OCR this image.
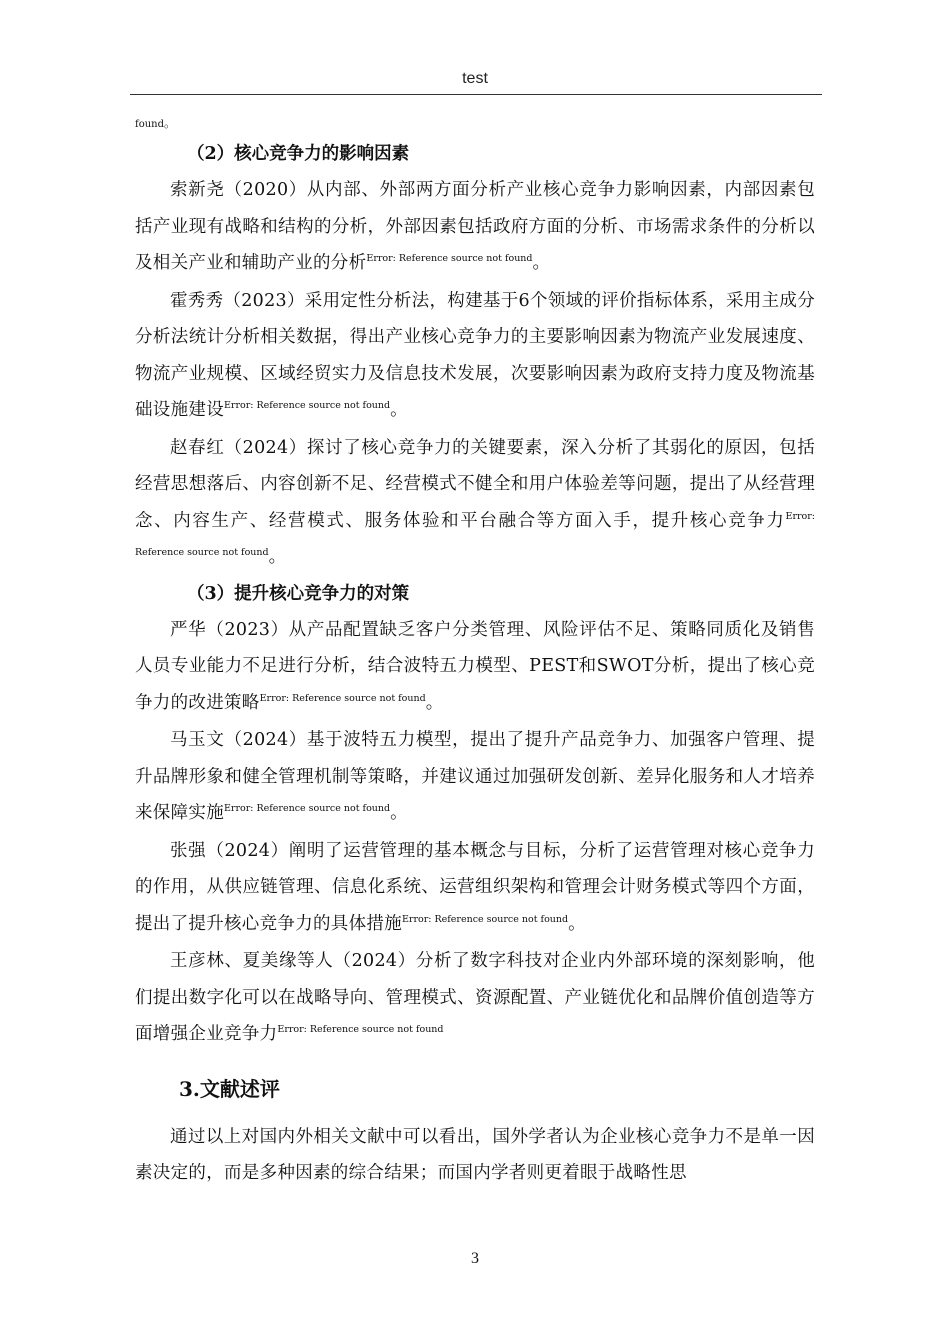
test
found。
（2）核心竞争力的影响因素

索新尧（2020）从内部、外部两方面分析产业核心竞争力影响因素，内部因素包括产业现有战略和结构的分析，外部因素包括政府方面的分析、市场需求条件的分析以及相关产业和辅助产业的分析$^{Error: Reference source not found}$。

霍秀秀（2023）采用定性分析法，构建基于6个领域的评价指标体系，采用主成分分析法统计分析相关数据，得出产业核心竞争力的主要影响因素为物流产业发展速度、物流产业规模、区域经贸实力及信息技术发展，次要影响因素为政府支持力度及物流基础设施建设$^{Error: Reference source not found}$。

赵春红（2024）探讨了核心竞争力的关键要素，深入分析了其弱化的原因，包括经营思想落后、内容创新不足、经营模式不健全和用户体验差等问题，提出了从经营理念、内容生产、经营模式、服务体验和平台融合等方面入手，提升核心竞争力$^{Error: Reference source not found}$。

（3）提升核心竞争力的对策

严华（2023）从产品配置缺乏客户分类管理、风险评估不足、策略同质化及销售人员专业能力不足进行分析，结合波特五力模型、PEST和SWOT分析，提出了核心竞争力的改进策略$^{Error: Reference source not found}$。

马玉文（2024）基于波特五力模型，提出了提升产品竞争力、加强客户管理、提升品牌形象和健全管理机制等策略，并建议通过加强研发创新、差异化服务和人才培养来保障实施$^{Error: Reference source not found}$。

张强（2024）阐明了运营管理的基本概念与目标，分析了运营管理对核心竞争力的作用，从供应链管理、信息化系统、运营组织架构和管理会计财务模式等四个方面，提出了提升核心竞争力的具体措施$^{Error: Reference source not found}$。

王彦林、夏美缘等人（2024）分析了数字科技对企业内外部环境的深刻影响，他们提出数字化可以在战略导向、管理模式、资源配置、产业链优化和品牌价值创造等方面增强企业竞争力$^{Error: Reference source not found}$

3.文献述评

通过以上对国内外相关文献中可以看出，国外学者认为企业核心竞争力不是单一因素决定的，而是多种因素的综合结果；而国内学者则更着眼于战略性思

3
